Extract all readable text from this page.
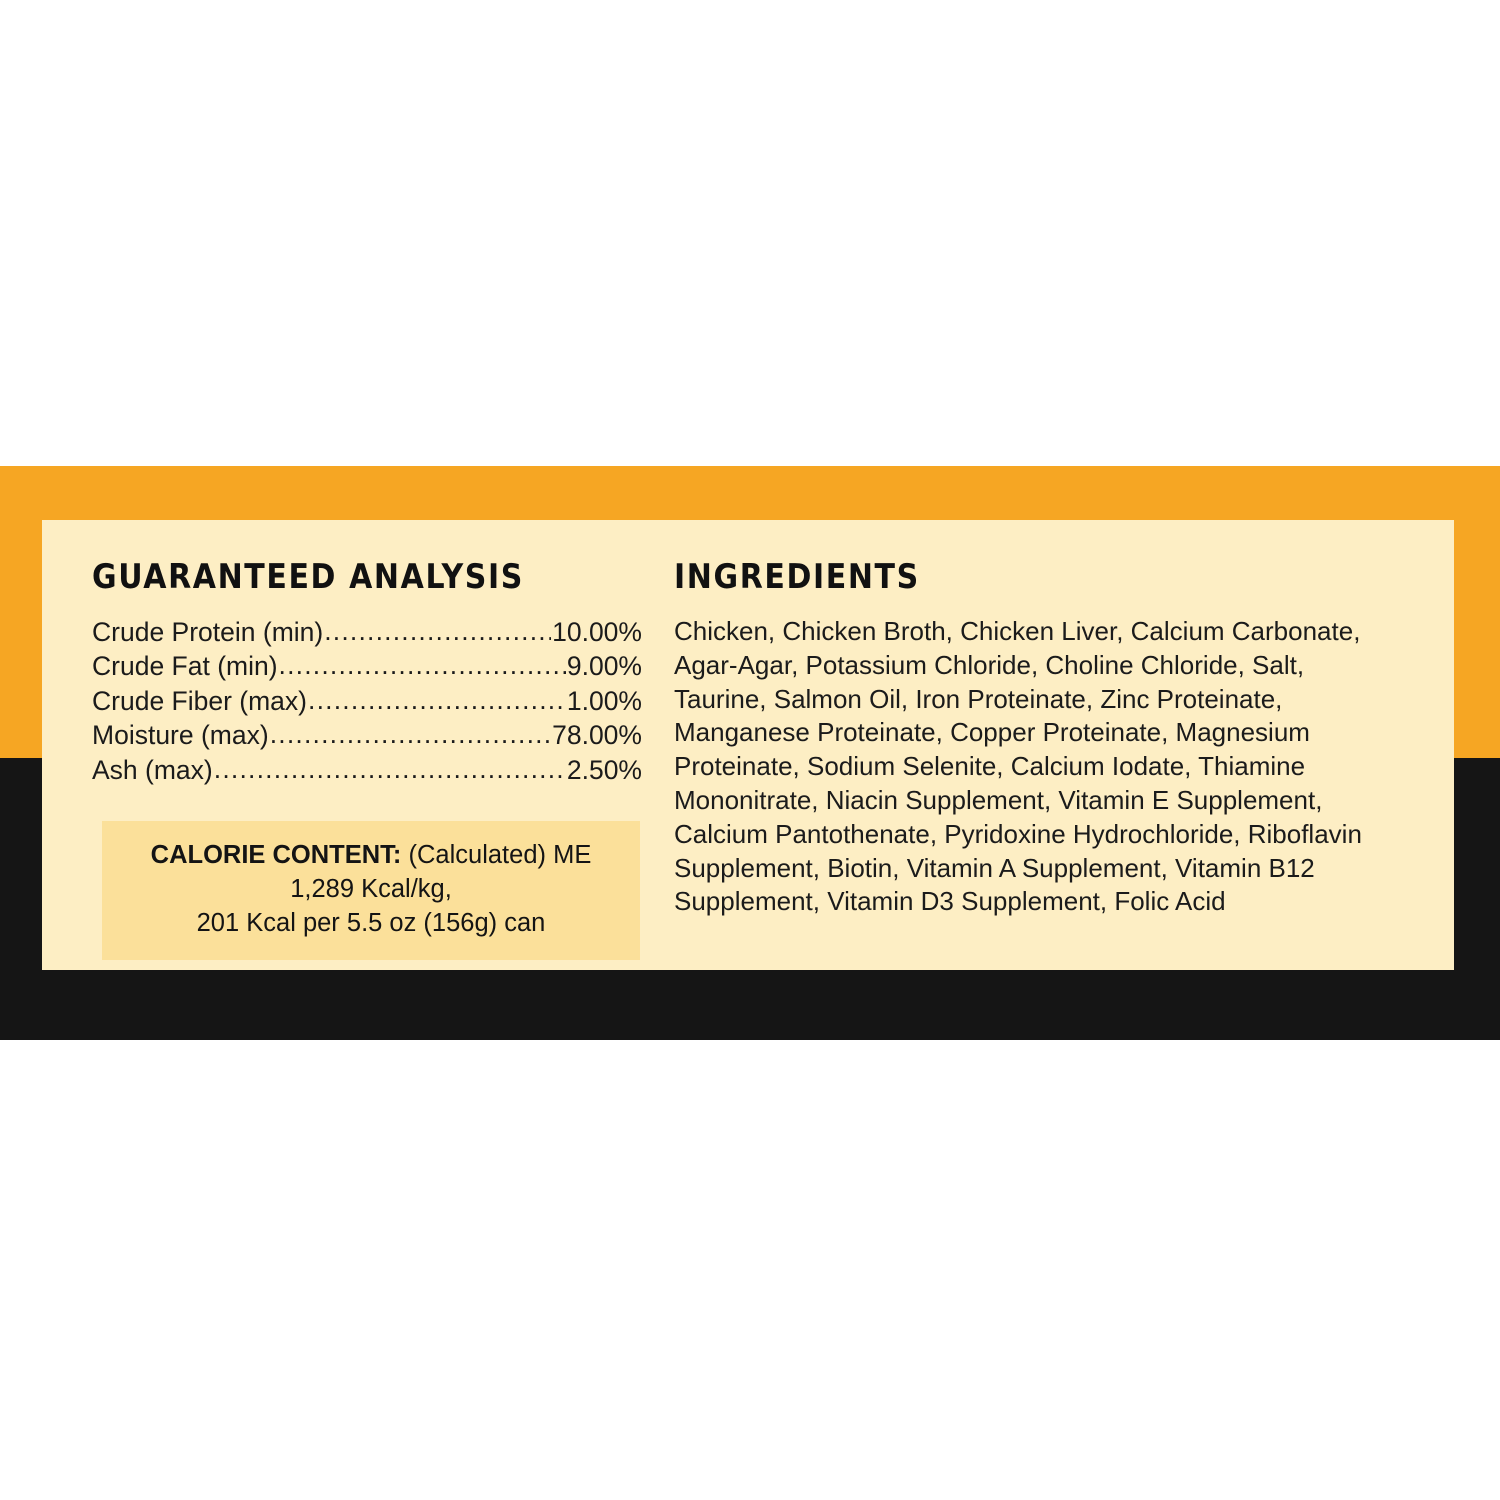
GUARANTEED ANALYSIS
Crude Protein (min) .....	10.00%
Crude Fat (min) .....	9.00%
Crude Fiber (max) .....	1.00%
Moisture (max) .....	78.00%
Ash (max) .....	2.50%
CALORIE CONTENT: (Calculated) ME
1,289 Kcal/kg,
201 Kcal per 5.5 oz (156g) can
INGREDIENTS

Chicken, Chicken Broth, Chicken Liver, Calcium Carbonate, Agar-Agar, Potassium Chloride, Choline Chloride, Salt, Taurine, Salmon Oil, Iron Proteinate, Zinc Proteinate, Manganese Proteinate, Copper Proteinate, Magnesium Proteinate, Sodium Selenite, Calcium Iodate, Thiamine Mononitrate, Niacin Supplement, Vitamin E Supplement, Calcium Pantothenate, Pyridoxine Hydrochloride, Riboflavin Supplement, Biotin, Vitamin A Supplement, Vitamin B12 Supplement, Vitamin D3 Supplement, Folic Acid
